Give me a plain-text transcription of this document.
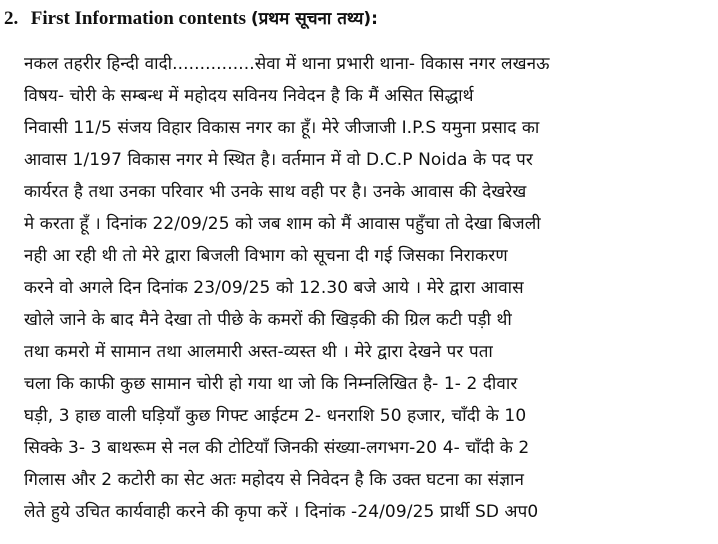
2. First Information contents (प्रथम सूचना तथ्य):
नकल तहरीर हिन्दी वादी...............सेवा में थाना प्रभारी थाना- विकास नगर लखनऊ
विषय- चोरी के सम्बन्ध में महोदय सविनय निवेदन है कि मैं असित सिद्धार्थ
निवासी 11/5 संजय विहार विकास नगर का हूँ। मेरे जीजाजी I.P.S यमुना प्रसाद का
आवास 1/197 विकास नगर मे स्थित है। वर्तमान में वो D.C.P Noida के पद पर
कार्यरत है तथा उनका परिवार भी उनके साथ वही पर है। उनके आवास की देखरेख
मे करता हूँ । दिनांक 22/09/25 को जब शाम को मैं आवास पहुँचा तो देखा बिजली
नही आ रही थी तो मेरे द्वारा बिजली विभाग को सूचना दी गई जिसका निराकरण
करने वो अगले दिन दिनांक 23/09/25 को 12.30 बजे आये । मेरे द्वारा आवास
खोले जाने के बाद मैने देखा तो पीछे के कमरों की खिड़की की ग्रिल कटी पड़ी थी
तथा कमरो में सामान तथा आलमारी अस्त-व्यस्त थी । मेरे द्वारा देखने पर पता
चला कि काफी कुछ सामान चोरी हो गया था जो कि निम्नलिखित है- 1- 2 दीवार
घड़ी, 3 हाछ वाली घड़ियाँ कुछ गिफ्ट आईटम 2- धनराशि 50 हजार, चाँदी के 10
सिक्के 3- 3 बाथरूम से नल की टोटियाँ जिनकी संख्या-लगभग-20 4- चाँदी के 2
गिलास और 2 कटोरी का सेट अतः महोदय से निवेदन है कि उक्त घटना का संज्ञान
लेते हुये उचित कार्यवाही करने की कृपा करें । दिनांक -24/09/25 प्रार्थी SD अप0
